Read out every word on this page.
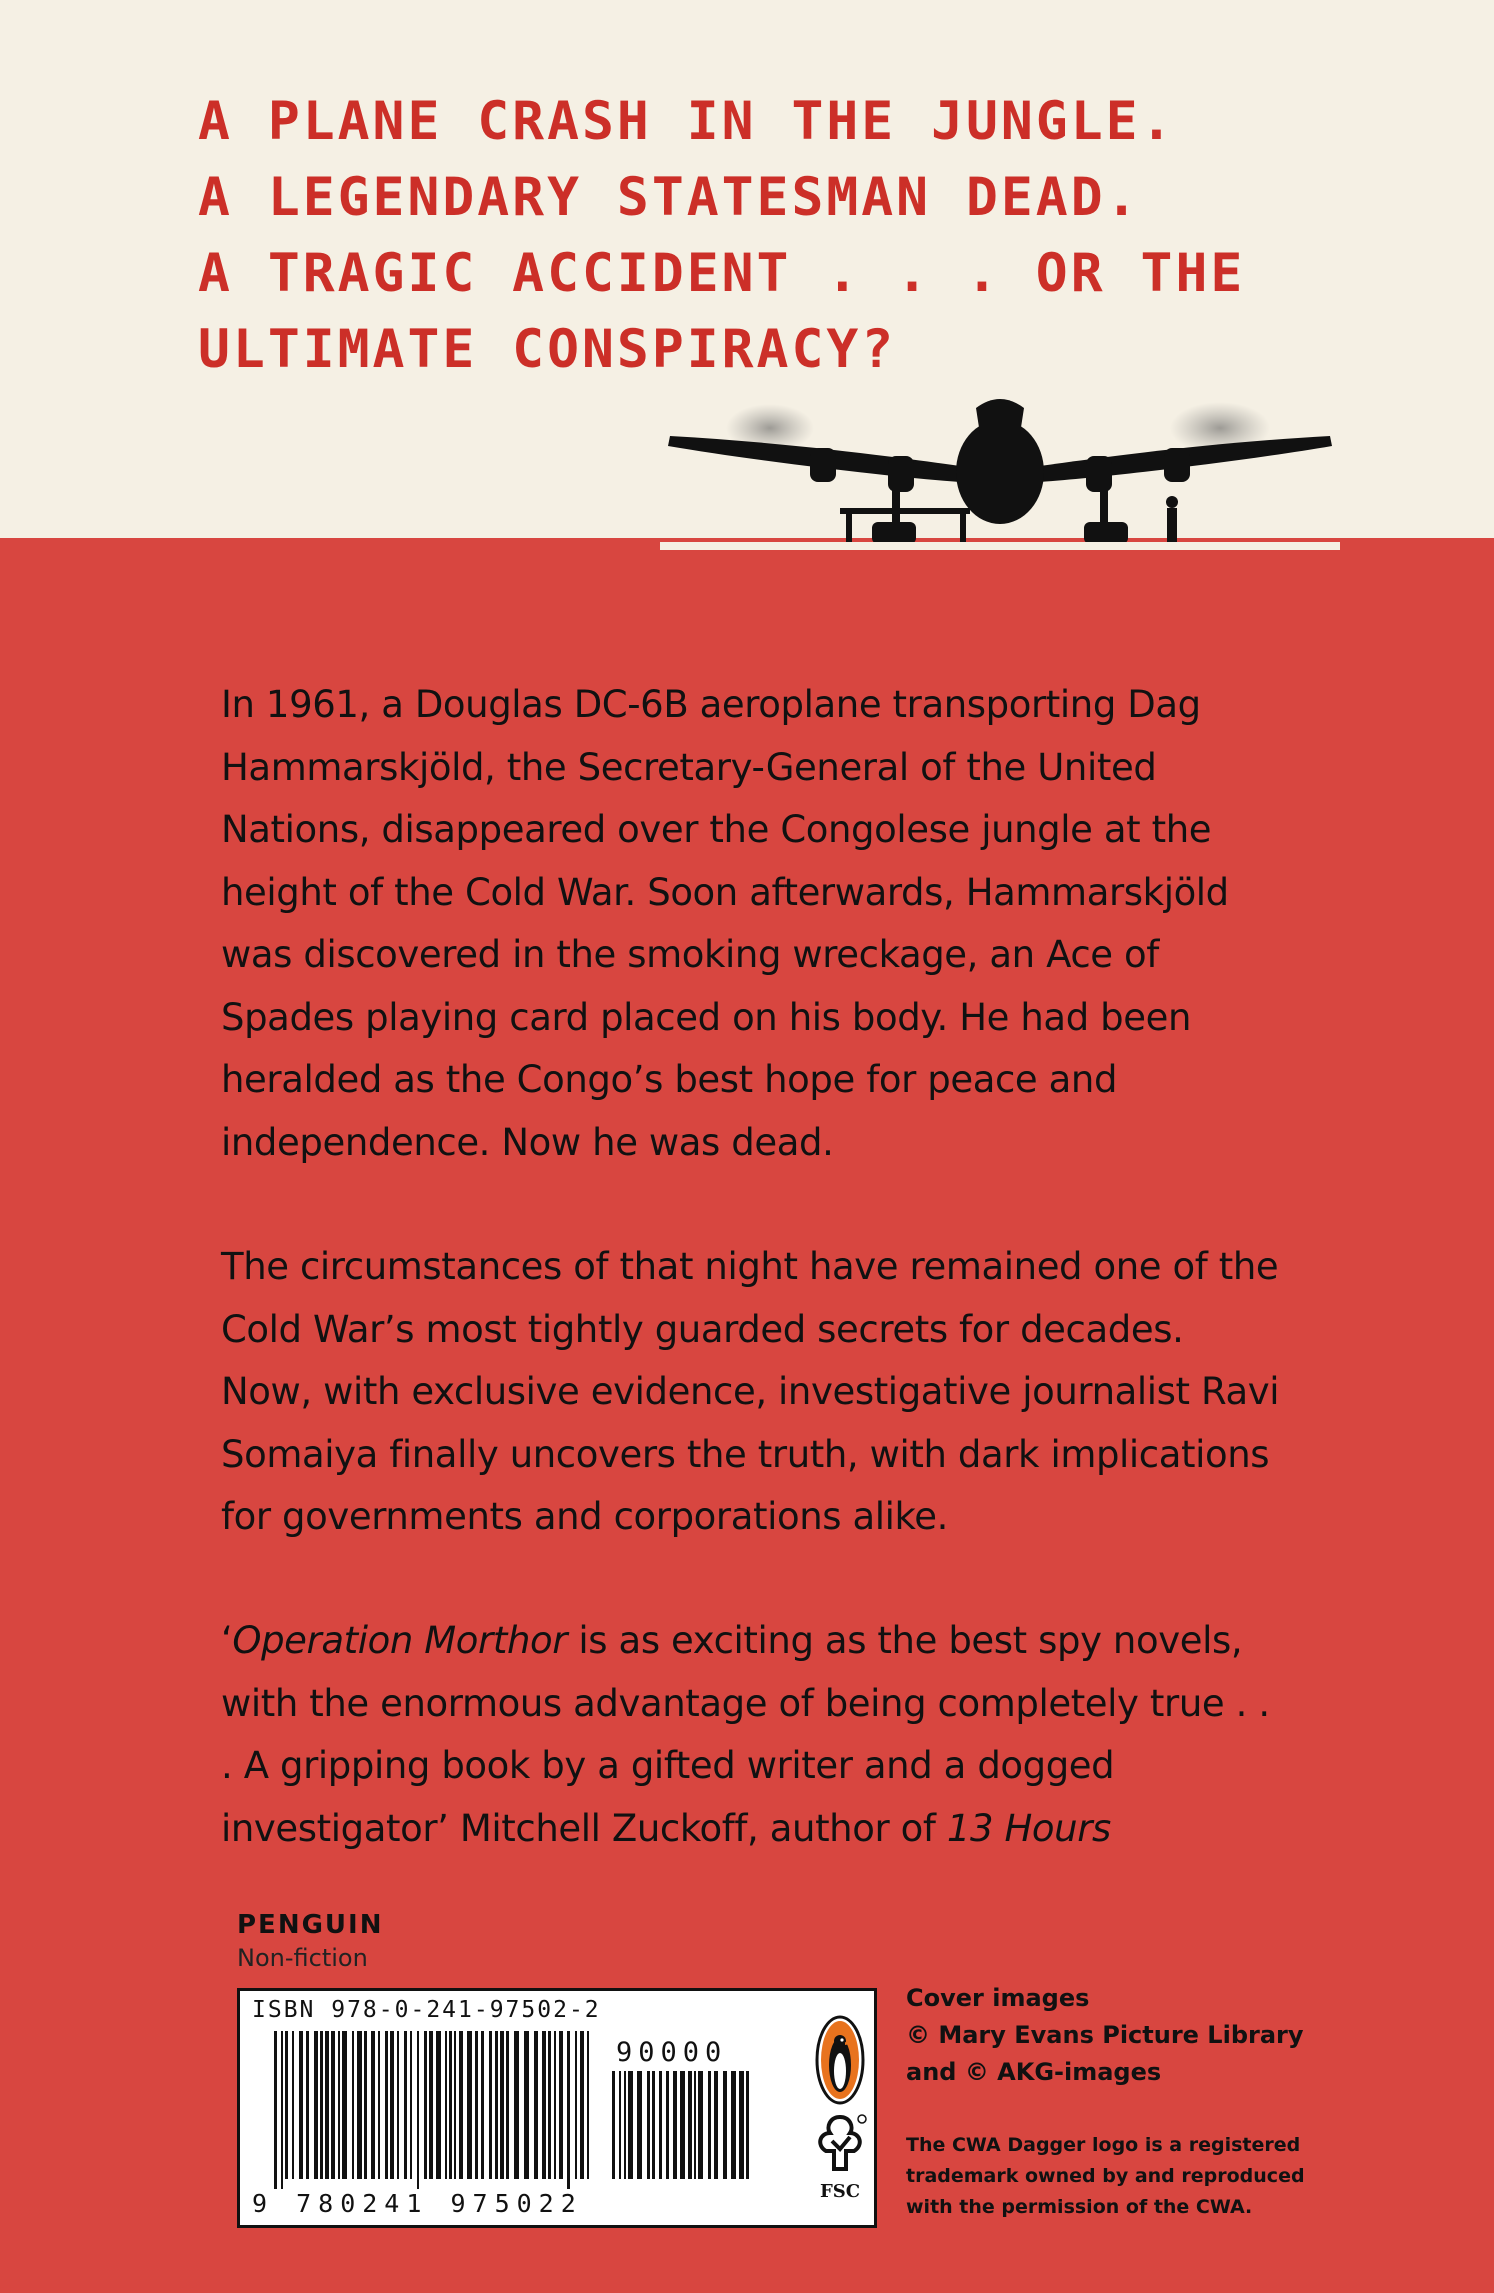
A PLANE CRASH IN THE JUNGLE.
A LEGENDARY STATESMAN DEAD.
A TRAGIC ACCIDENT . . . OR THE
ULTIMATE CONSPIRACY?

In 1961, a Douglas DC-6B aeroplane transporting Dag Hammarskjöld, the Secretary-General of the United Nations, disappeared over the Congolese jungle at the height of the Cold War. Soon afterwards, Hammarskjöld was discovered in the smoking wreckage, an Ace of Spades playing card placed on his body. He had been heralded as the Congo’s best hope for peace and independence. Now he was dead.

The circumstances of that night have remained one of the Cold War’s most tightly guarded secrets for decades. Now, with exclusive evidence, investigative journalist Ravi Somaiya finally uncovers the truth, with dark implications for governments and corporations alike.

‘Operation Morthor is as exciting as the best spy novels, with the enormous advantage of being completely true . . . A gripping book by a gifted writer and a dogged investigator’ Mitchell Zuckoff, author of 13 Hours

PENGUIN
Non-fiction
ISBN 978-0-241-97502-2
90000
9 780241 975022	FSC
Cover images
© Mary Evans Picture Library
and © AKG-images
The CWA Dagger logo is a registered
trademark owned by and reproduced
with the permission of the CWA.
